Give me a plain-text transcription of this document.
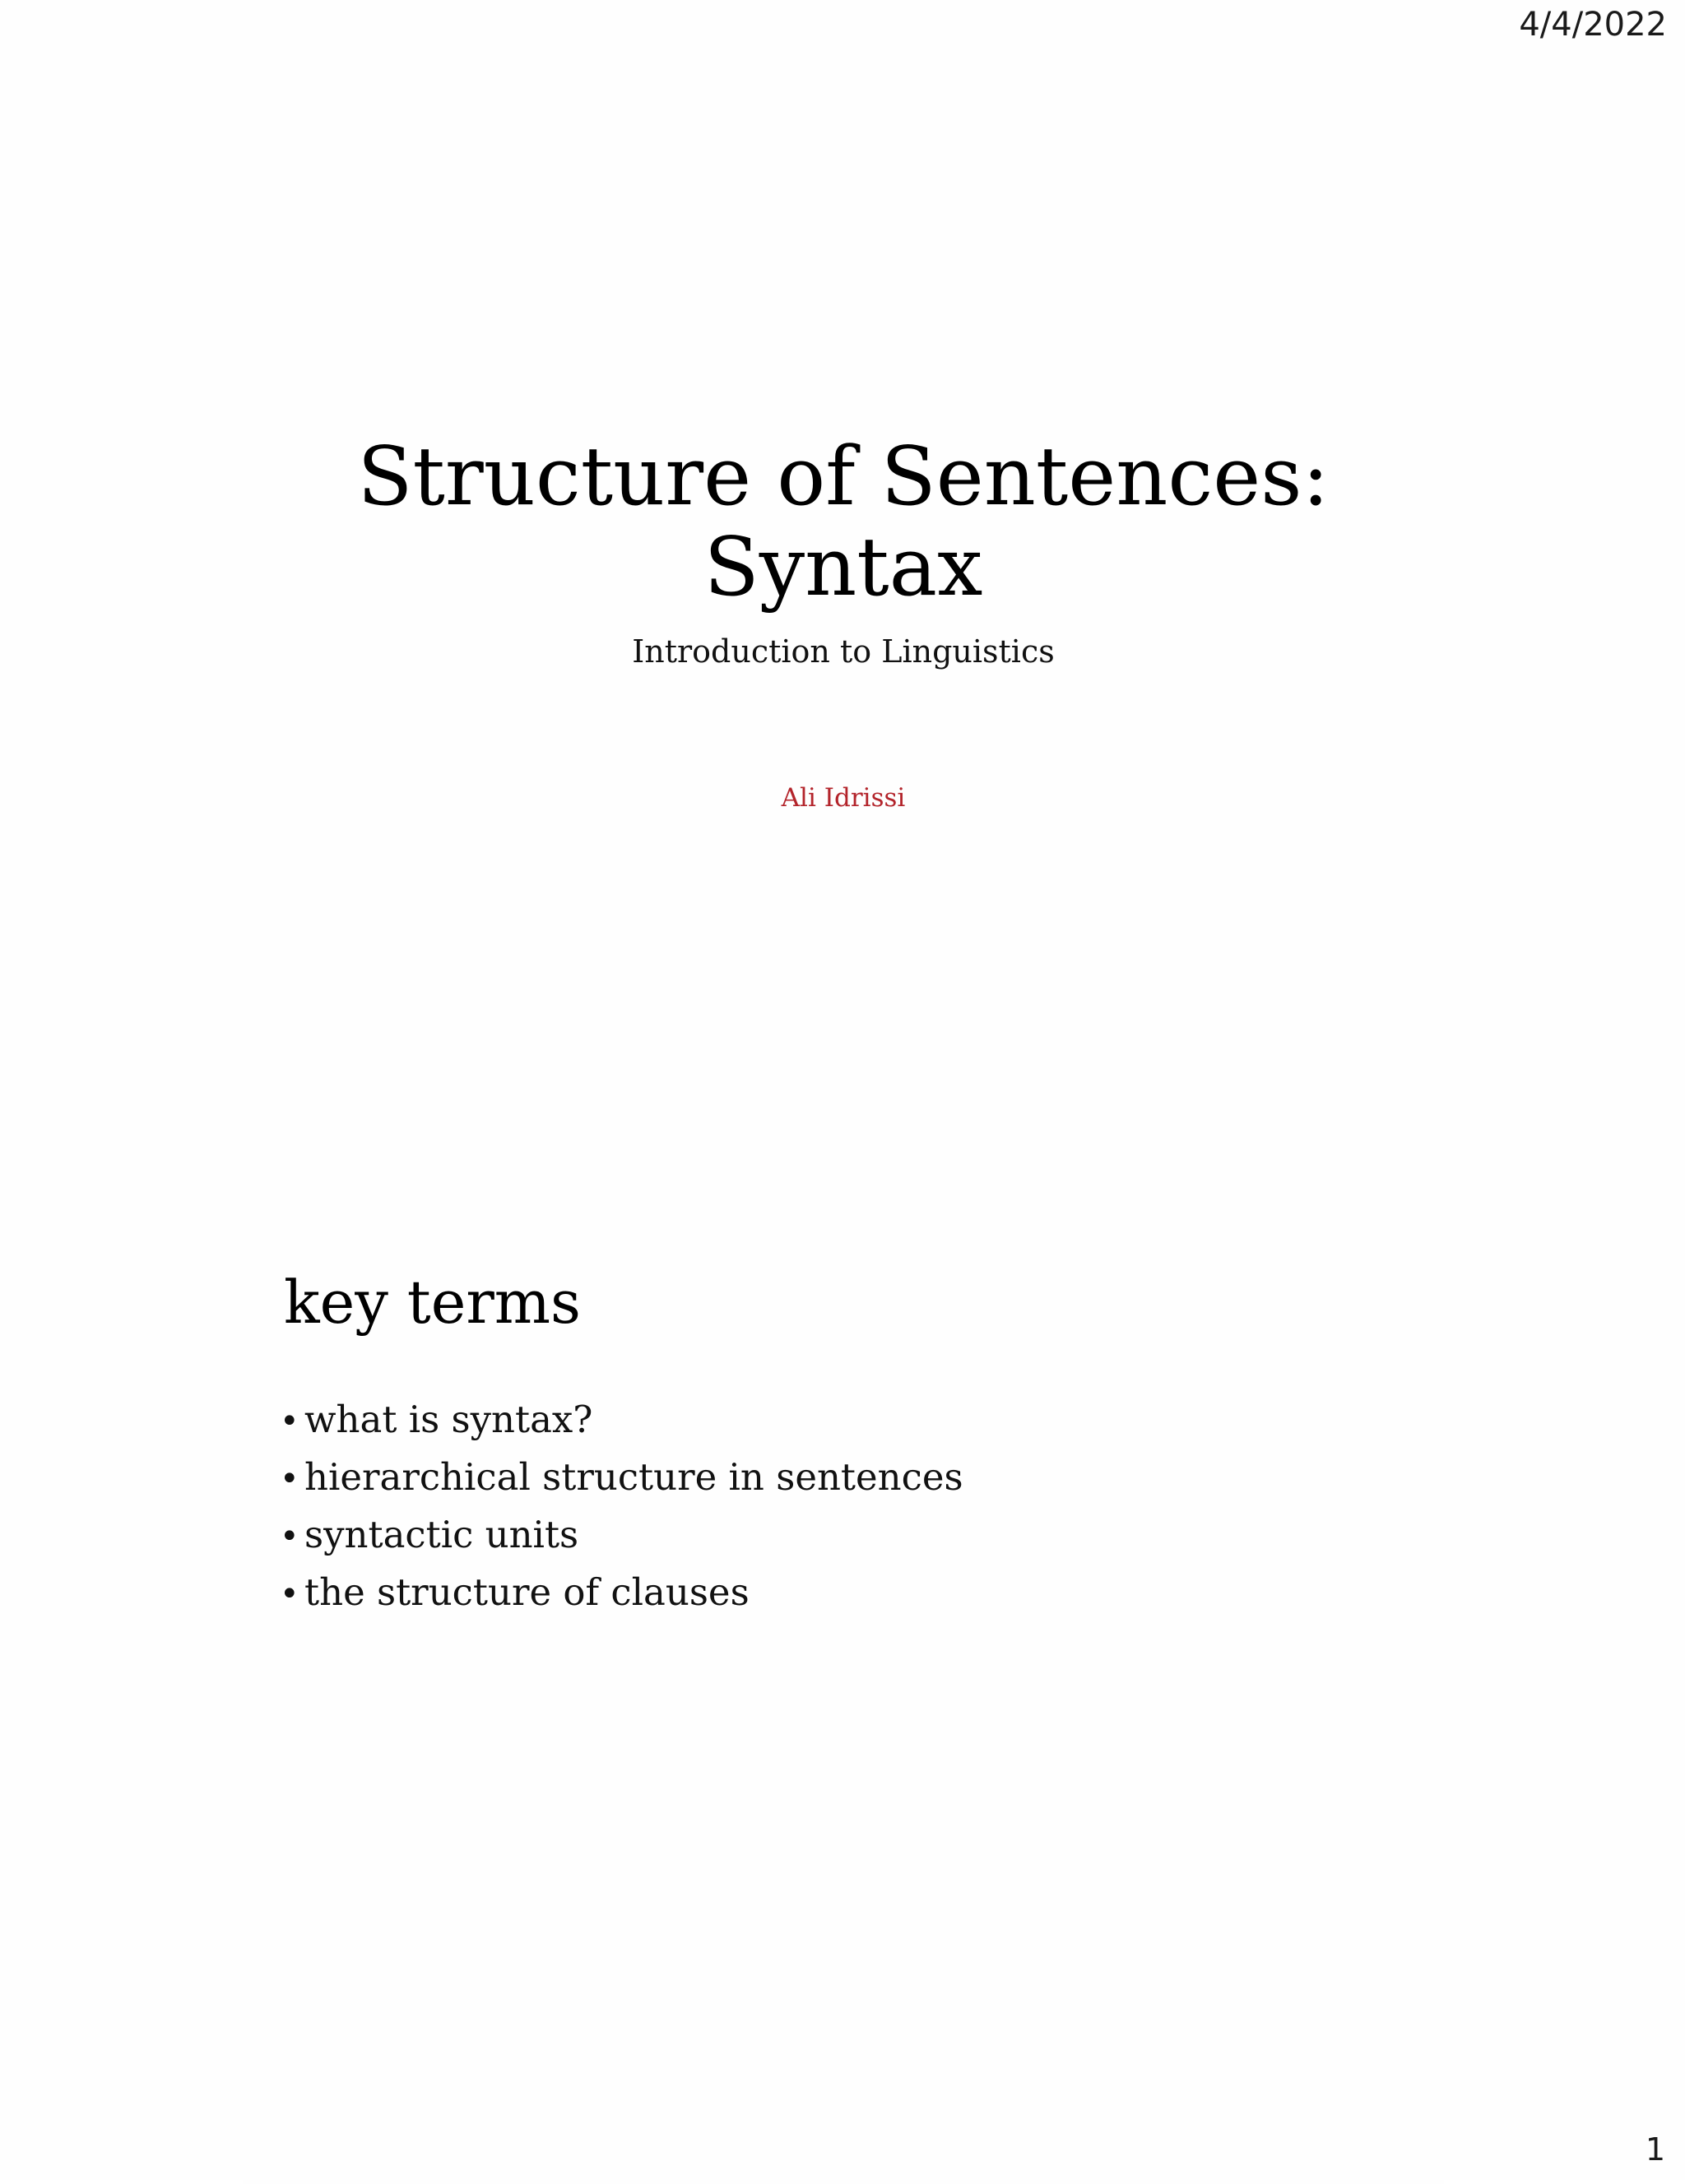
4/4/2022
Structure of Sentences:
Syntax
Introduction to Linguistics
Ali Idrissi
key terms
• what is syntax?
• hierarchical structure in sentences
• syntactic units
• the structure of clauses
1
